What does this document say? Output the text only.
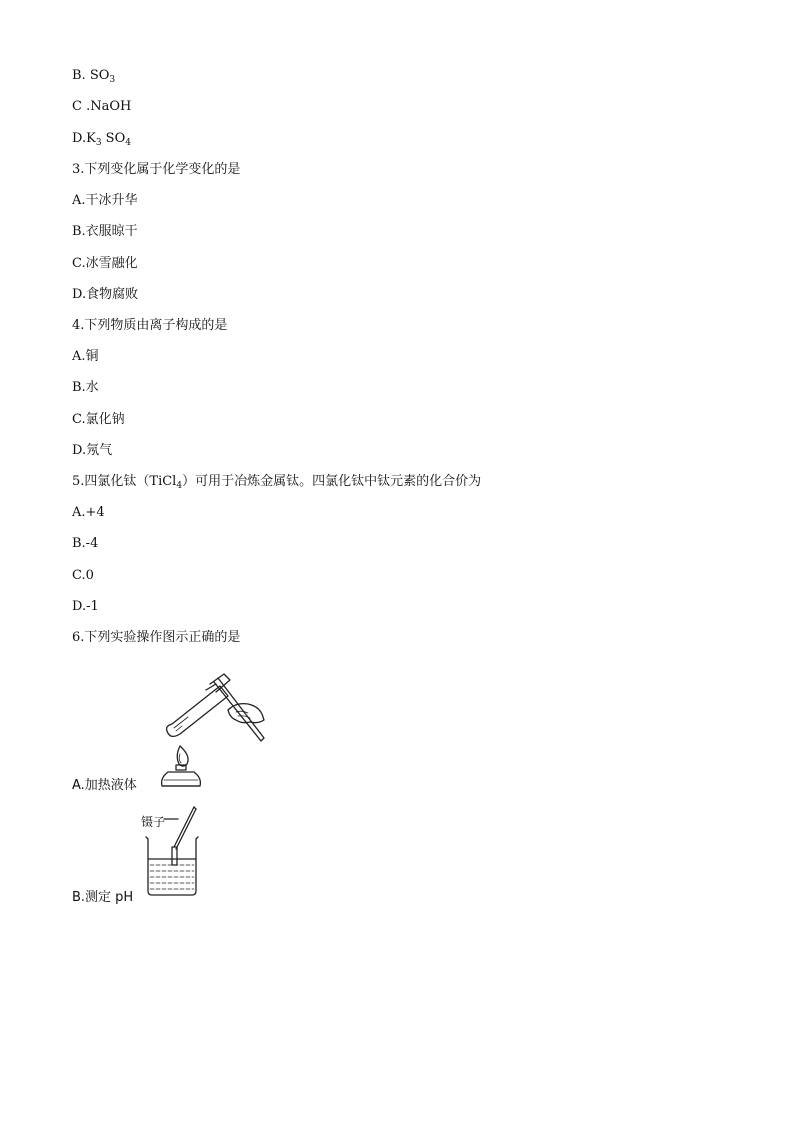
B. $SO_3$
C .NaOH
$D.K_3$ $SO_4$
3.下列变化属于化学变化的是
A.干冰升华
B.衣服晾干
C.冰雪融化
D.食物腐败
4.下列物质由离子构成的是
A.铜
B.水
C.氯化钠
D.氖气
5.四氯化钛（TiCl$_4$）可用于冶炼金属钛。四氯化钛中钛元素的化合价为
A.+4
B.-4
C.0
D.-1
6.下列实验操作图示正确的是
A.加热液体
镊子
B.测定 pH
